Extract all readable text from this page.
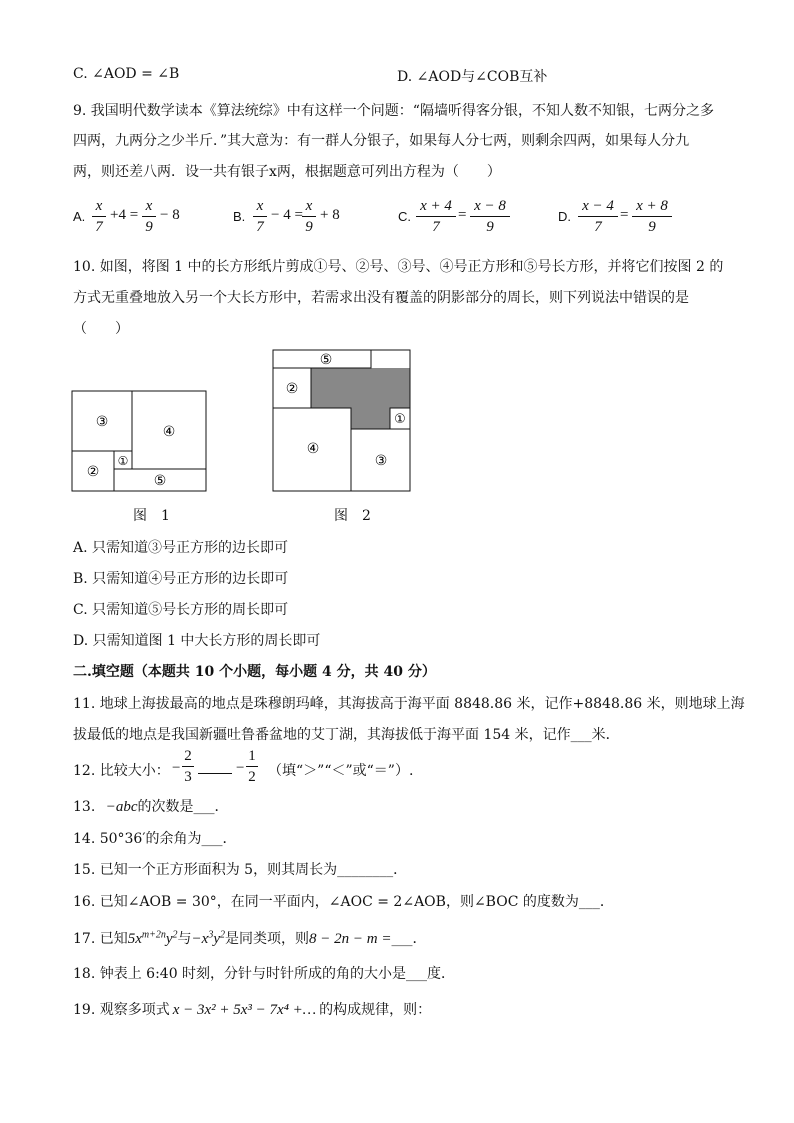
C. ∠AOD = ∠B	D. ∠AOD与∠COB互补
9. 我国明代数学读本《算法统综》中有这样一个问题：“隔墙听得客分银，不知人数不知银，七两分之多
四两，九两分之少半斤．”其大意为：有一群人分银子，如果每人分七两，则剩余四两，如果每人分九
两，则还差八两．设一共有银子x两，根据题意可列出方程为（　　）
A.
x
7
+4 =
x
9
− 8	B.
x
7
− 4 =
x
9
+ 8	C.
x + 4
7
=
x − 8
9
D.
x − 4
7
=
x + 8
9
10. 如图，将图 1 中的长方形纸片剪成①号、②号、③号、④号正方形和⑤号长方形，并将它们按图 2 的
方式无重叠地放入另一个大长方形中，若需求出没有覆盖的阴影部分的周长，则下列说法中错误的是
（　　）
③
④
②
①
⑤
图　1
⑤
②
①
④
③
图　2
A. 只需知道③号正方形的边长即可
B. 只需知道④号正方形的边长即可
C. 只需知道⑤号长方形的周长即可
D. 只需知道图 1 中大长方形的周长即可
二.填空题（本题共 10 个小题，每小题 4 分，共 40 分）
11. 地球上海拔最高的地点是珠穆朗玛峰，其海拔高于海平面 8848.86 米，记作+8848.86 米，则地球上海
拔最低的地点是我国新疆吐鲁番盆地的艾丁湖，其海拔低于海平面 154 米，记作___米．
12. 比较大小： −
2
3
−
1
2 （填“＞”“＜”或“＝”）.
13. −abc的次数是___．
14. 50°36′的余角为___．
15. 已知一个正方形面积为 5，则其周长为________．
16. 已知∠AOB = 30°，在同一平面内，∠AOC = 2∠AOB，则∠BOC 的度数为___．
17. 已知$5x^{m+2n}y^2$与$-x^3y^2$是同类项，则8 − 2n − m =___．
18. 钟表上 6:40 时刻，分针与时针所成的角的大小是___度．
19. 观察多项式 x − 3x² + 5x³ − 7x⁴ +… 的构成规律，则：
